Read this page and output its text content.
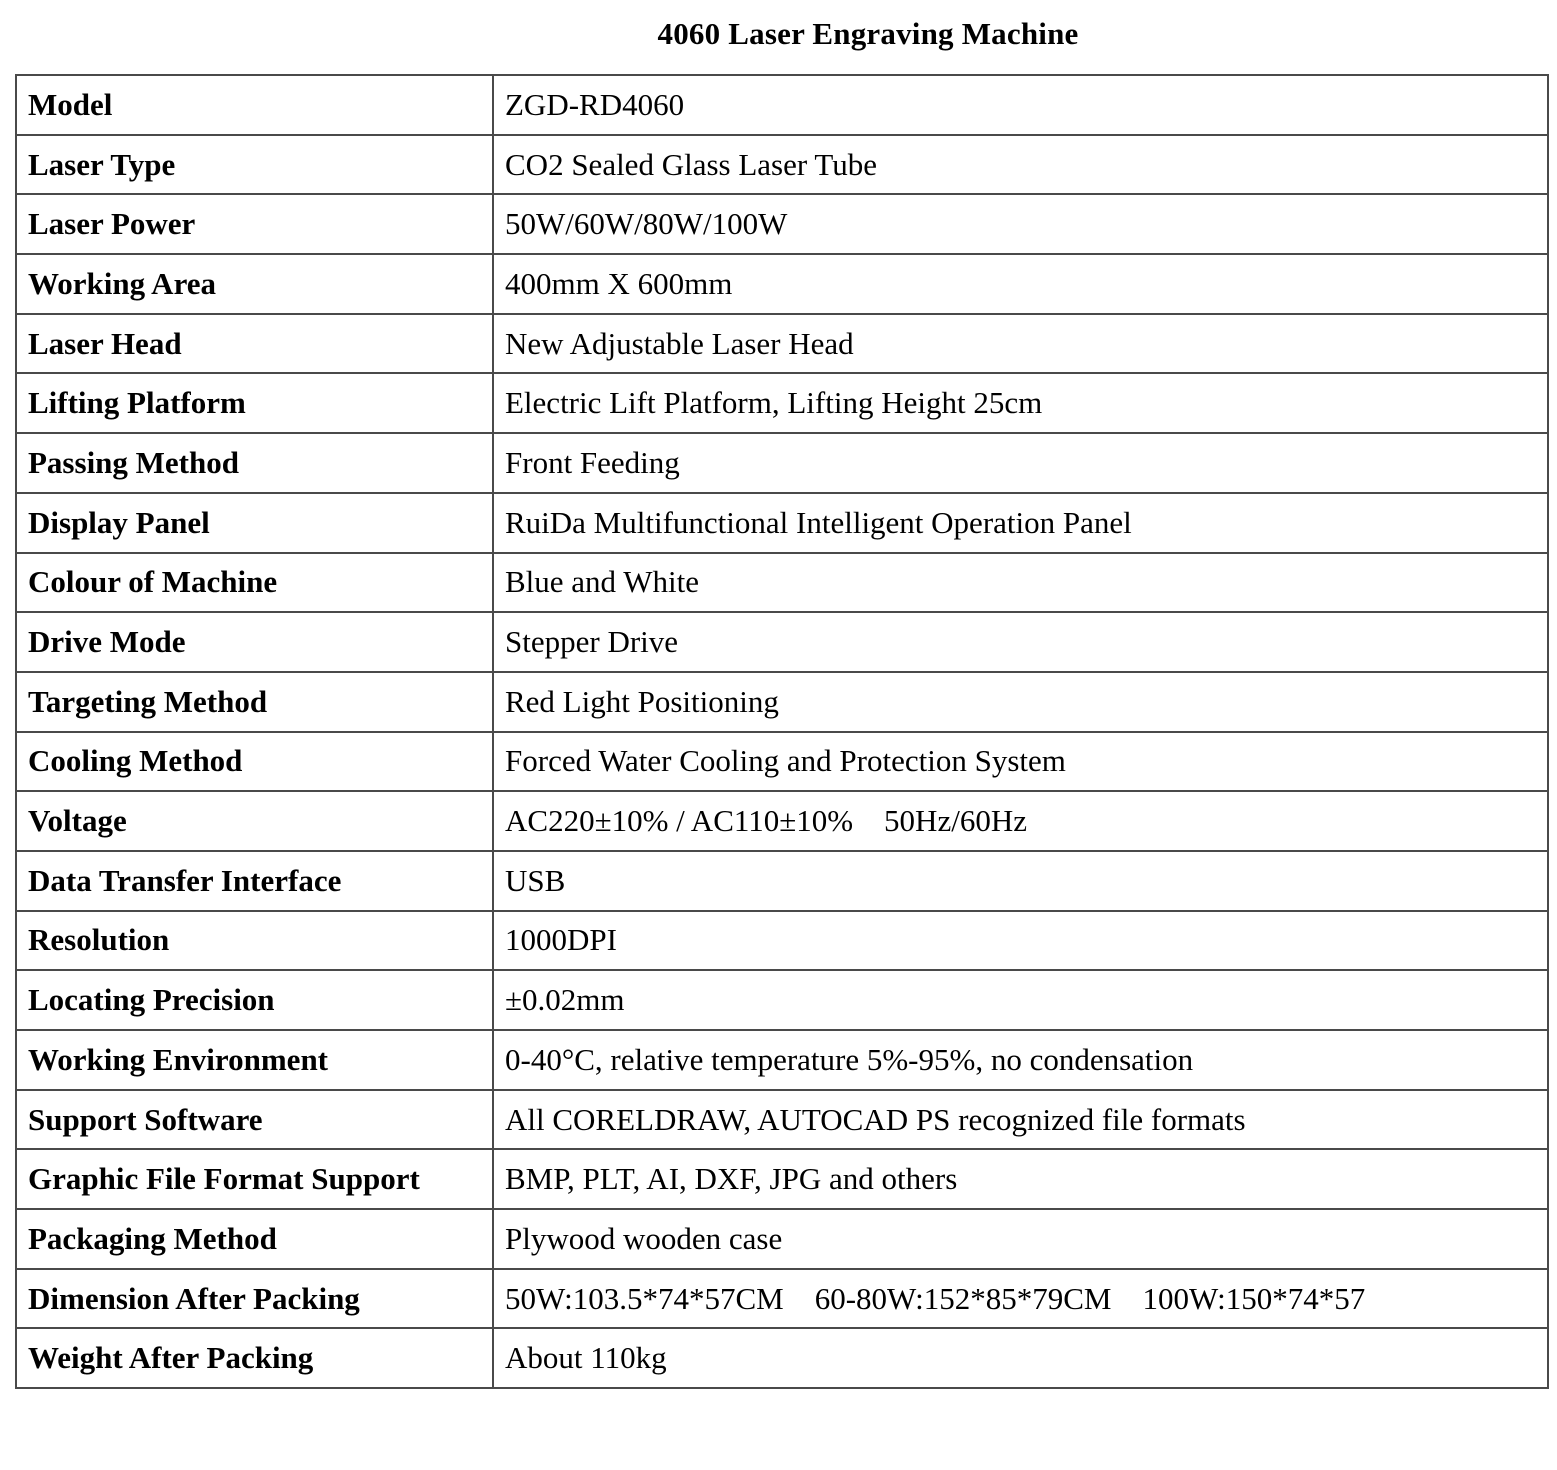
4060 Laser Engraving Machine
Model	ZGD-RD4060
Laser Type	CO2 Sealed Glass Laser Tube
Laser Power	50W/60W/80W/100W
Working Area	400mm X 600mm
Laser Head	New Adjustable Laser Head
Lifting Platform	Electric Lift Platform, Lifting Height 25cm
Passing Method	Front Feeding
Display Panel	RuiDa Multifunctional Intelligent Operation Panel
Colour of Machine	Blue and White
Drive Mode	Stepper Drive
Targeting Method	Red Light Positioning
Cooling Method	Forced Water Cooling and Protection System
Voltage	AC220±10% / AC110±10%    50Hz/60Hz
Data Transfer Interface	USB
Resolution	1000DPI
Locating Precision	±0.02mm
Working Environment	0-40°C, relative temperature 5%-95%, no condensation
Support Software	All CORELDRAW, AUTOCAD PS recognized file formats
Graphic File Format Support	BMP, PLT, AI, DXF, JPG and others
Packaging Method	Plywood wooden case
Dimension After Packing	50W:103.5*74*57CM    60-80W:152*85*79CM    100W:150*74*57
Weight After Packing	About 110kg
